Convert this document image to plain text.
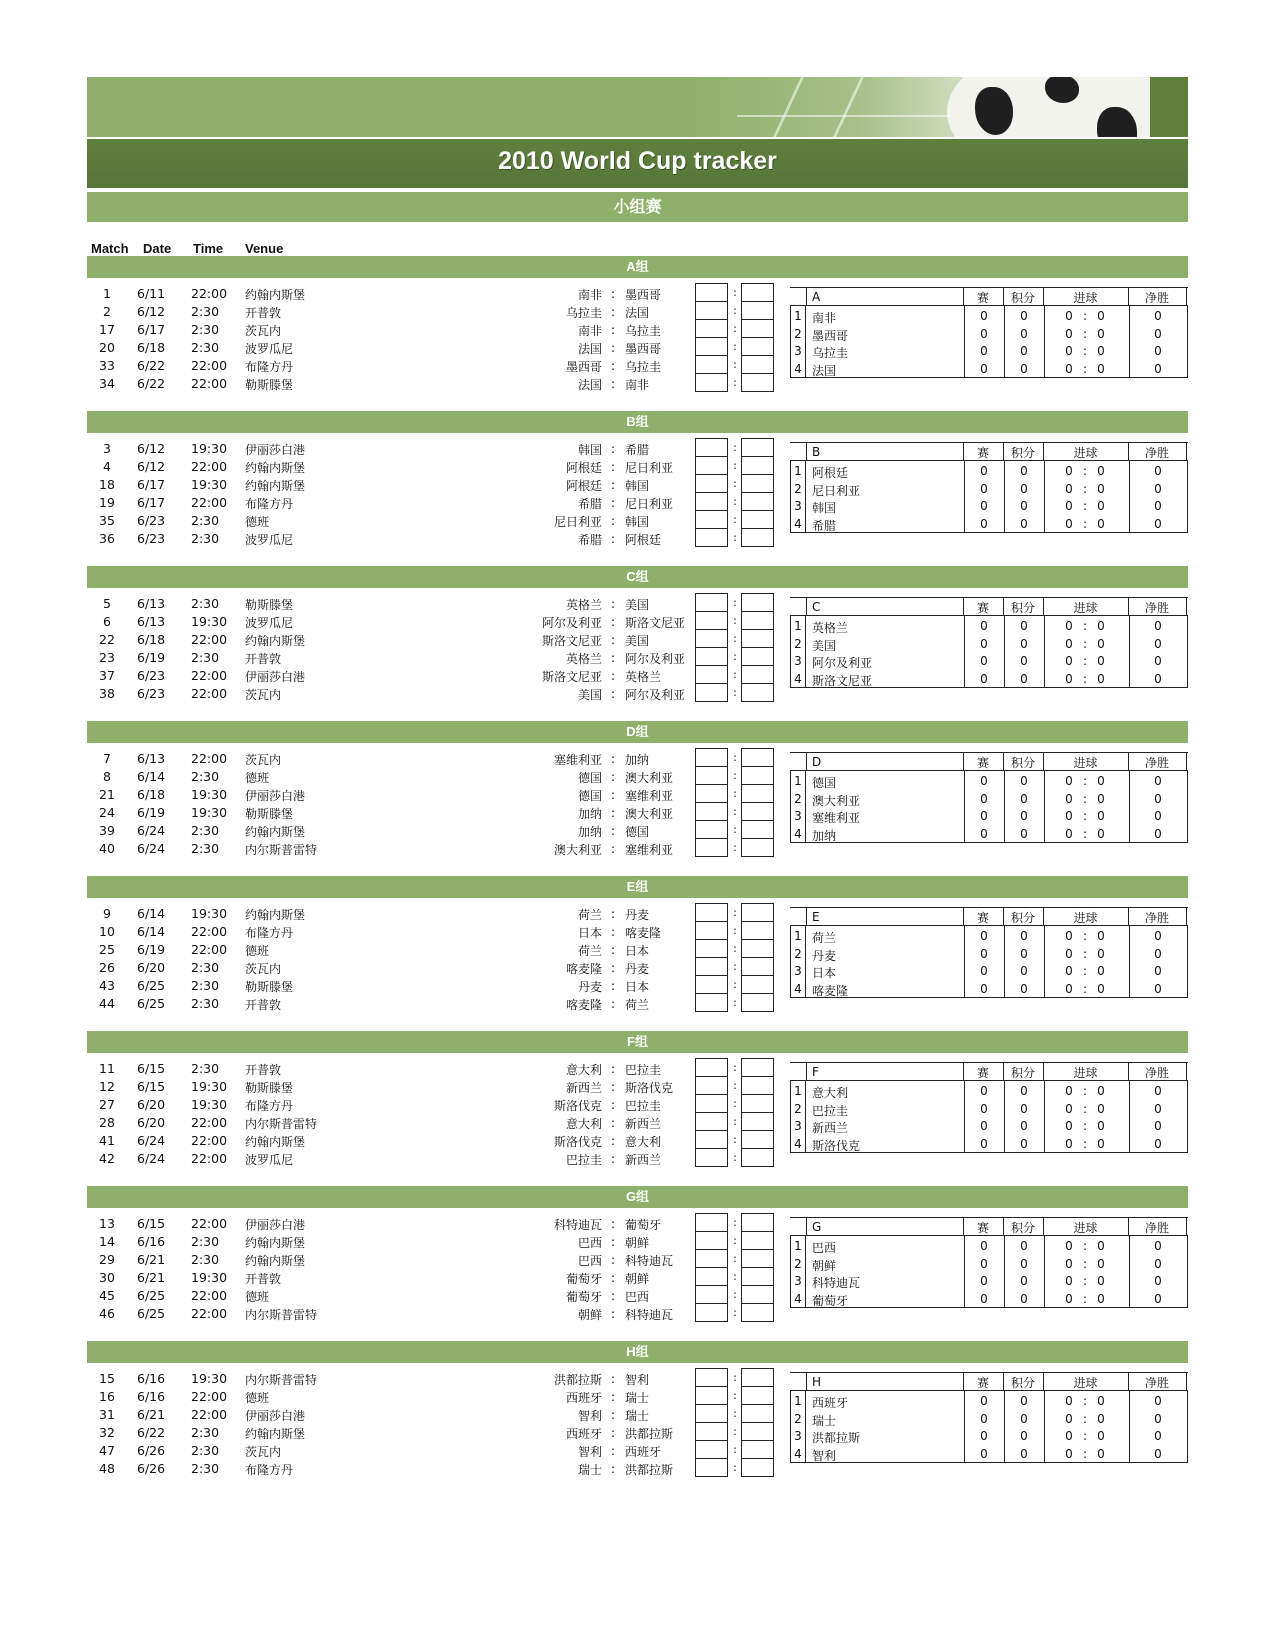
2010 World Cup tracker
小组赛
Match Date Time Venue
A组
1	6/11	22:00	约翰内斯堡	南非 墨西哥
:	:
2	6/12	2:30	开普敦	乌拉圭 法国
:	:
17	6/17	2:30	茨瓦内	南非 乌拉圭
:	:
20	6/18	2:30	波罗瓜尼	法国 墨西哥
:	:
33	6/22	22:00	布隆方丹	墨西哥 乌拉圭
:	:
34	6/22	22:00	勒斯滕堡	法国 南非
:	:
A	赛	积分	进球	净胜
1 南非	0	0	0 : 0	0
2 墨西哥	0	0	0 : 0	0
3 乌拉圭	0	0	0 : 0	0
4 法国	0	0	0 : 0	0
B组
3	6/12	19:30	伊丽莎白港	韩国 希腊
:	:
4	6/12	22:00	约翰内斯堡	阿根廷 尼日利亚
:	:
18	6/17	19:30	约翰内斯堡	阿根廷 韩国
:	:
19	6/17	22:00	布隆方丹	希腊 尼日利亚
:	:
35	6/23	2:30	德班	尼日利亚 韩国
:	:
36	6/23	2:30	波罗瓜尼	希腊 阿根廷
:	:
B	赛	积分	进球	净胜
1 阿根廷	0	0	0 : 0	0
2 尼日利亚	0	0	0 : 0	0
3 韩国	0	0	0 : 0	0
4 希腊	0	0	0 : 0	0
C组
5	6/13	2:30	勒斯滕堡	英格兰 美国
:	:
6	6/13	19:30	波罗瓜尼	阿尔及利亚 斯洛文尼亚
:	:
22	6/18	22:00	约翰内斯堡	斯洛文尼亚 美国
:	:
23	6/19	2:30	开普敦	英格兰 阿尔及利亚
:	:
37	6/23	22:00	伊丽莎白港	斯洛文尼亚 英格兰
:	:
38	6/23	22:00	茨瓦内	美国 阿尔及利亚
:	:
C	赛	积分	进球	净胜
1 英格兰	0	0	0 : 0	0
2 美国	0	0	0 : 0	0
3 阿尔及利亚	0	0	0 : 0	0
4 斯洛文尼亚	0	0	0 : 0	0
D组
7	6/13	22:00	茨瓦内	塞维利亚 加纳
:	:
8	6/14	2:30	德班	德国 澳大利亚
:	:
21	6/18	19:30	伊丽莎白港	德国 塞维利亚
:	:
24	6/19	19:30	勒斯滕堡	加纳 澳大利亚
:	:
39	6/24	2:30	约翰内斯堡	加纳 德国
:	:
40	6/24	2:30	内尔斯普雷特	澳大利亚 塞维利亚
:	:
D	赛	积分	进球	净胜
1 德国	0	0	0 : 0	0
2 澳大利亚	0	0	0 : 0	0
3 塞维利亚	0	0	0 : 0	0
4 加纳	0	0	0 : 0	0
E组
9	6/14	19:30	约翰内斯堡	荷兰 丹麦
:	:
10	6/14	22:00	布隆方丹	日本 喀麦隆
:	:
25	6/19	22:00	德班	荷兰 日本
:	:
26	6/20	2:30	茨瓦内	喀麦隆 丹麦
:	:
43	6/25	2:30	勒斯滕堡	丹麦 日本
:	:
44	6/25	2:30	开普敦	喀麦隆 荷兰
:	:
E	赛	积分	进球	净胜
1 荷兰	0	0	0 : 0	0
2 丹麦	0	0	0 : 0	0
3 日本	0	0	0 : 0	0
4 喀麦隆	0	0	0 : 0	0
F组
11	6/15	2:30	开普敦	意大利 巴拉圭
:	:
12	6/15	19:30	勒斯滕堡	新西兰 斯洛伐克
:	:
27	6/20	19:30	布隆方丹	斯洛伐克 巴拉圭
:	:
28	6/20	22:00	内尔斯普雷特	意大利 新西兰
:	:
41	6/24	22:00	约翰内斯堡	斯洛伐克 意大利
:	:
42	6/24	22:00	波罗瓜尼	巴拉圭 新西兰
:	:
F	赛	积分	进球	净胜
1 意大利	0	0	0 : 0	0
2 巴拉圭	0	0	0 : 0	0
3 新西兰	0	0	0 : 0	0
4 斯洛伐克	0	0	0 : 0	0
G组
13	6/15	22:00	伊丽莎白港	科特迪瓦 葡萄牙
:	:
14	6/16	2:30	约翰内斯堡	巴西 朝鲜
:	:
29	6/21	2:30	约翰内斯堡	巴西 科特迪瓦
:	:
30	6/21	19:30	开普敦	葡萄牙 朝鲜
:	:
45	6/25	22:00	德班	葡萄牙 巴西
:	:
46	6/25	22:00	内尔斯普雷特	朝鲜 科特迪瓦
:	:
G	赛	积分	进球	净胜
1 巴西	0	0	0 : 0	0
2 朝鲜	0	0	0 : 0	0
3 科特迪瓦	0	0	0 : 0	0
4 葡萄牙	0	0	0 : 0	0
H组
15	6/16	19:30	内尔斯普雷特	洪都拉斯 智利
:	:
16	6/16	22:00	德班	西班牙 瑞士
:	:
31	6/21	22:00	伊丽莎白港	智利 瑞士
:	:
32	6/22	2:30	约翰内斯堡	西班牙 洪都拉斯
:	:
47	6/26	2:30	茨瓦内	智利 西班牙
:	:
48	6/26	2:30	布隆方丹	瑞士 洪都拉斯
:	:
H	赛	积分	进球	净胜
1 西班牙	0	0	0 : 0	0
2 瑞士	0	0	0 : 0	0
3 洪都拉斯	0	0	0 : 0	0
4 智利	0	0	0 : 0	0
